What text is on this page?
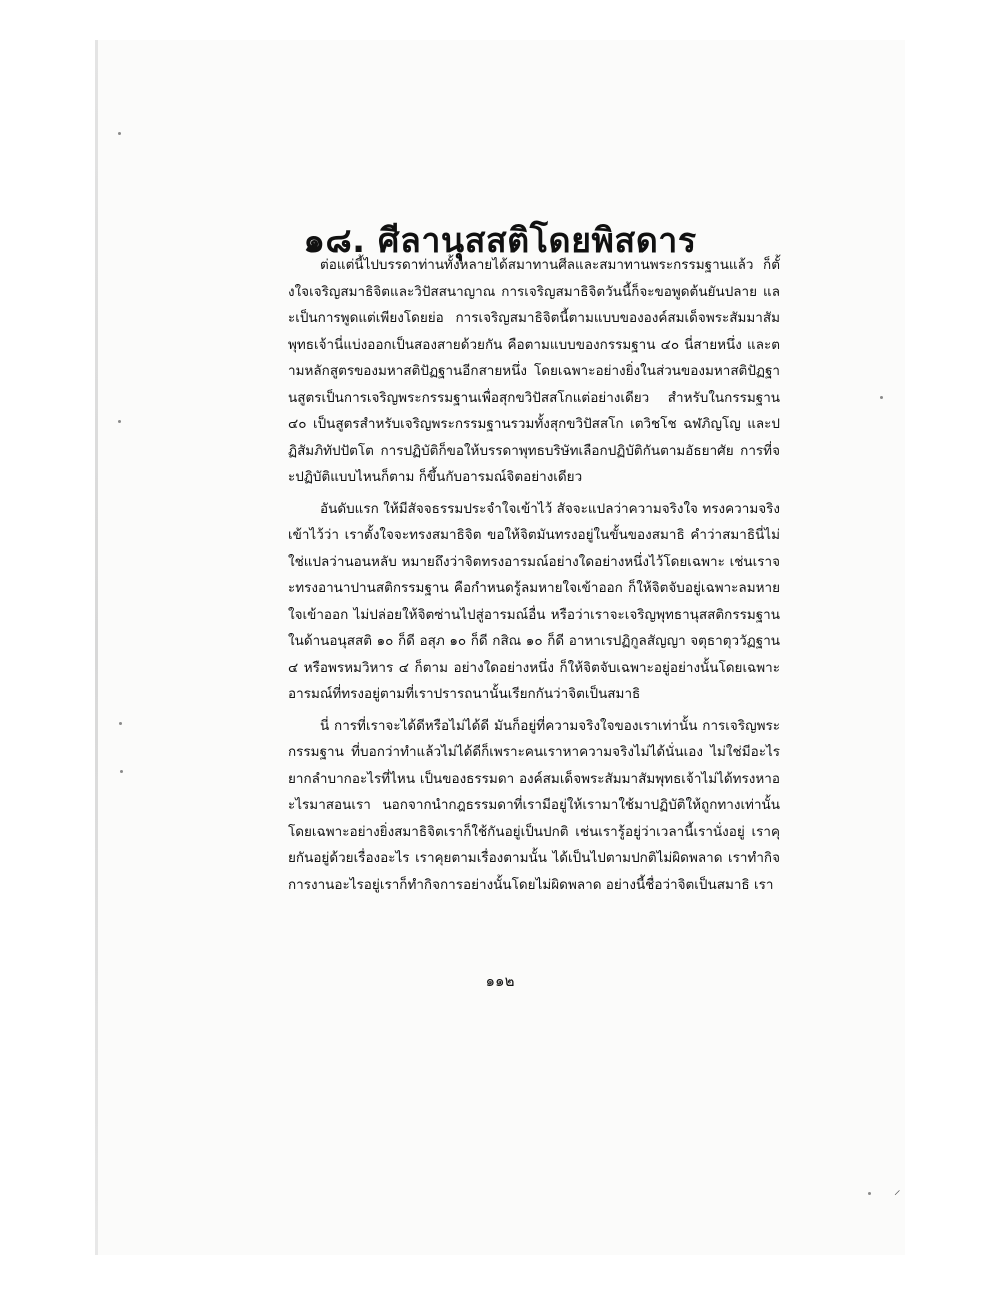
๑๘. ศีลานุสสติโดยพิสดาร

ต่อแต่นี้ไปบรรดาท่านทั้งหลายได้สมาทานศีลและสมาทานพระกรรมฐานแล้ว ก็ตั้งใจเจริญสมาธิจิตและวิปัสสนาญาณ การเจริญสมาธิจิตวันนี้ก็จะขอพูดต้นยันปลาย และเป็นการพูดแต่เพียงโดยย่อ การเจริญสมาธิจิตนี้ตามแบบขององค์สมเด็จพระสัมมาสัมพุทธเจ้านี่แบ่งออกเป็นสองสายด้วยกัน คือตามแบบของกรรมฐาน ๔๐ นี่สายหนึ่ง และตามหลักสูตรของมหาสติปัฏฐานอีกสายหนึ่ง โดยเฉพาะอย่างยิ่งในส่วนของมหาสติปัฏฐานสูตรเป็นการเจริญพระกรรมฐานเพื่อสุกขวิปัสสโกแต่อย่างเดียว สำหรับในกรรมฐาน ๔๐ เป็นสูตรสำหรับเจริญพระกรรมฐานรวมทั้งสุกขวิปัสสโก เตวิชโช ฉฬภิญโญ และปฏิสัมภิทัปปัตโต การปฏิบัติก็ขอให้บรรดาพุทธบริษัทเลือกปฏิบัติกันตามอัธยาศัย การที่จะปฏิบัติแบบไหนก็ตาม ก็ขึ้นกับอารมณ์จิตอย่างเดียว

อันดับแรก ให้มีสัจจธรรมประจำใจเข้าไว้ สัจจะแปลว่าความจริงใจ ทรงความจริงเข้าไว้ว่า เราตั้งใจจะทรงสมาธิจิต ขอให้จิตมันทรงอยู่ในขั้นของสมาธิ คำว่าสมาธินี่ไม่ใช่แปลว่านอนหลับ หมายถึงว่าจิตทรงอารมณ์อย่างใดอย่างหนึ่งไว้โดยเฉพาะ เช่นเราจะทรงอานาปานสติกรรมฐาน คือกำหนดรู้ลมหายใจเข้าออก ก็ให้จิตจับอยู่เฉพาะลมหายใจเข้าออก ไม่ปล่อยให้จิตซ่านไปสู่อารมณ์อื่น หรือว่าเราจะเจริญพุทธานุสสติกรรมฐานในด้านอนุสสติ ๑๐ ก็ดี อสุภ ๑๐ ก็ดี กสิณ ๑๐ ก็ดี อาหาเรปฏิกูลสัญญา จตุธาตุววัฏฐาน ๔ หรือพรหมวิหาร ๔ ก็ตาม อย่างใดอย่างหนึ่ง ก็ให้จิตจับเฉพาะอยู่อย่างนั้นโดยเฉพาะ อารมณ์ที่ทรงอยู่ตามที่เราปรารถนานั้นเรียกกันว่าจิตเป็นสมาธิ

นี่ การที่เราจะได้ดีหรือไม่ได้ดี มันก็อยู่ที่ความจริงใจของเราเท่านั้น การเจริญพระกรรมฐาน ที่บอกว่าทำแล้วไม่ได้ดีก็เพราะคนเราหาความจริงไม่ได้นั่นเอง ไม่ใช่มีอะไรยากลำบากอะไรที่ไหน เป็นของธรรมดา องค์สมเด็จพระสัมมาสัมพุทธเจ้าไม่ได้ทรงหาอะไรมาสอนเรา นอกจากนำกฎธรรมดาที่เรามีอยู่ให้เรามาใช้มาปฏิบัติให้ถูกทางเท่านั้น โดยเฉพาะอย่างยิ่งสมาธิจิตเราก็ใช้กันอยู่เป็นปกติ เช่นเรารู้อยู่ว่าเวลานี้เรานั่งอยู่ เราคุยกันอยู่ด้วยเรื่องอะไร เราคุยตามเรื่องตามนั้น ได้เป็นไปตามปกติไม่ผิดพลาด เราทำกิจการงานอะไรอยู่เราก็ทำกิจการอย่างนั้นโดยไม่ผิดพลาด อย่างนี้ชื่อว่าจิตเป็นสมาธิ เรา

๑๑๒
⸝
